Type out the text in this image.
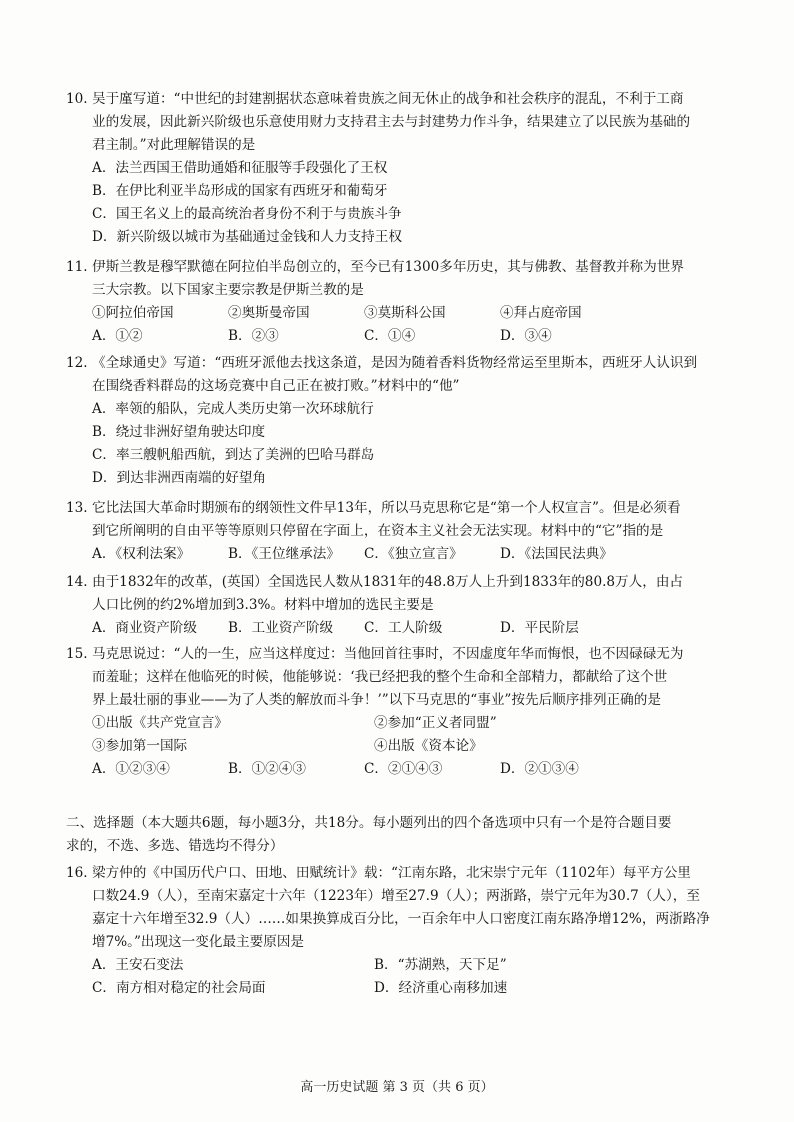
10. 吴于廑写道：“中世纪的封建割据状态意味着贵族之间无休止的战争和社会秩序的混乱，不利于工商
业的发展，因此新兴阶级也乐意使用财力支持君主去与封建势力作斗争，结果建立了以民族为基础的
君主制。”对此理解错误的是
A．法兰西国王借助通婚和征服等手段强化了王权
B．在伊比利亚半岛形成的国家有西班牙和葡萄牙
C．国王名义上的最高统治者身份不利于与贵族斗争
D．新兴阶级以城市为基础通过金钱和人力支持王权
11. 伊斯兰教是穆罕默德在阿拉伯半岛创立的，至今已有1300多年历史，其与佛教、基督教并称为世界
三大宗教。以下国家主要宗教是伊斯兰教的是
①阿拉伯帝国	②奥斯曼帝国	③莫斯科公国	④拜占庭帝国
A．①②	B．②③	C．①④	D．③④
12. 《全球通史》写道：“西班牙派他去找这条道，是因为随着香料货物经常运至里斯本，西班牙人认识到
在围绕香料群岛的这场竞赛中自己正在被打败。”材料中的“他”
A．率领的船队，完成人类历史第一次环球航行
B．绕过非洲好望角驶达印度
C．率三艘帆船西航，到达了美洲的巴哈马群岛
D．到达非洲西南端的好望角
13. 它比法国大革命时期颁布的纲领性文件早13年，所以马克思称它是“第一个人权宣言”。但是必须看
到它所阐明的自由平等等原则只停留在字面上，在资本主义社会无法实现。材料中的“它”指的是
A．《权利法案》	B．《王位继承法》	C．《独立宣言》	D．《法国民法典》
14. 由于1832年的改革，(英国）全国选民人数从1831年的48.8万人上升到1833年的80.8万人，由占
人口比例的约2%增加到3.3%。材料中增加的选民主要是
A．商业资产阶级	B．工业资产阶级	C．工人阶级	D．平民阶层
15. 马克思说过：“人的一生，应当这样度过：当他回首往事时，不因虚度年华而悔恨，也不因碌碌无为
而羞耻；这样在他临死的时候，他能够说：‘我已经把我的整个生命和全部精力，都献给了这个世
界上最壮丽的事业——为了人类的解放而斗争！’”以下马克思的“事业”按先后顺序排列正确的是
①出版《共产党宣言》	②参加“正义者同盟”
③参加第一国际	④出版《资本论》
A．①②③④	B．①②④③	C．②①④③	D．②①③④
二、选择题（本大题共6题，每小题3分，共18分。每小题列出的四个备选项中只有一个是符合题目要
求的，不选、多选、错选均不得分）
16. 梁方仲的《中国历代户口、田地、田赋统计》载：“江南东路，北宋崇宁元年（1102年）每平方公里
口数24.9（人），至南宋嘉定十六年（1223年）增至27.9（人）；两浙路，崇宁元年为30.7（人），至
嘉定十六年增至32.9（人）……如果换算成百分比，一百余年中人口密度江南东路净增12%，两浙路净
增7%。”出现这一变化最主要原因是
A．王安石变法	B．“苏湖熟，天下足”
C．南方相对稳定的社会局面	D．经济重心南移加速
高一历史试题 第 3 页（共 6 页）
